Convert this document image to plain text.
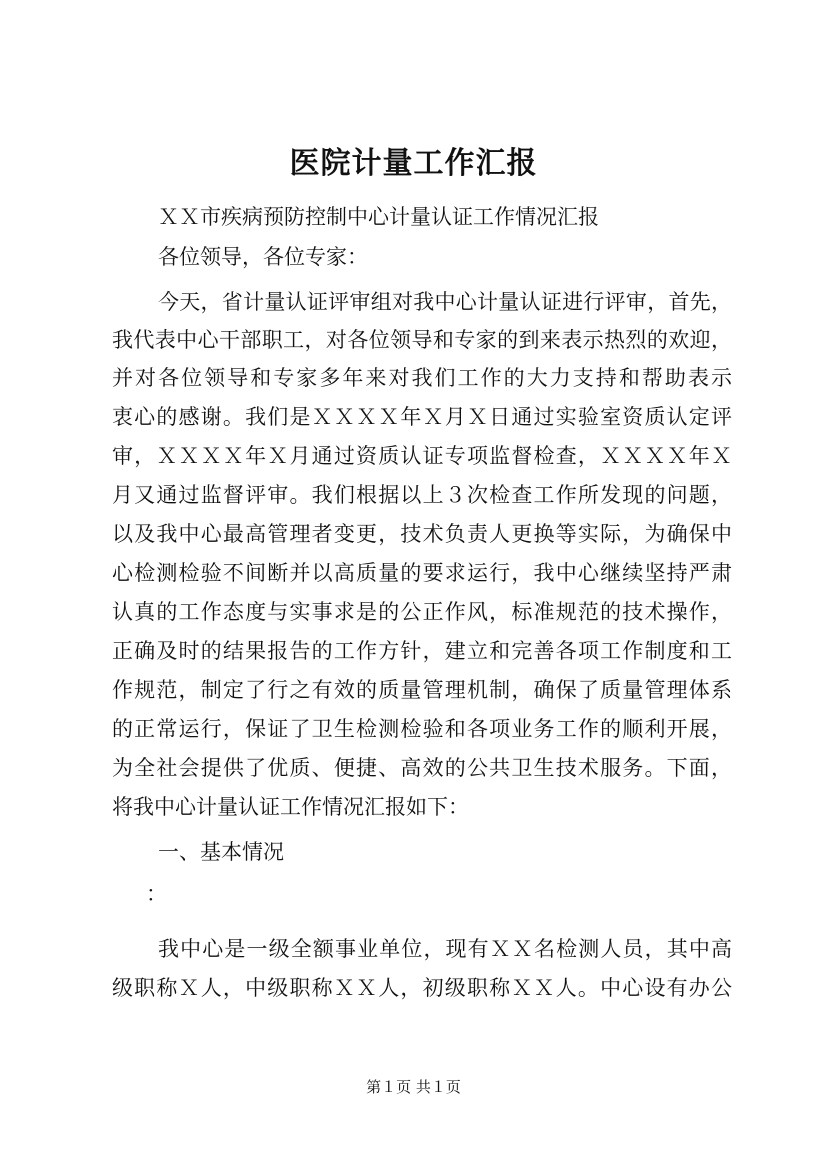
医院计量工作汇报
ＸＸ市疾病预防控制中心计量认证工作情况汇报
各位领导，各位专家：
今天，省计量认证评审组对我中心计量认证进行评审，首先，
我代表中心干部职工，对各位领导和专家的到来表示热烈的欢迎，
并对各位领导和专家多年来对我们工作的大力支持和帮助表示
衷心的感谢。我们是ＸＸＸＸ年Ｘ月Ｘ日通过实验室资质认定评
审，ＸＸＸＸ年Ｘ月通过资质认证专项监督检查，ＸＸＸＸ年Ｘ
月又通过监督评审。我们根据以上３次检查工作所发现的问题，
以及我中心最高管理者变更，技术负责人更换等实际，为确保中
心检测检验不间断并以高质量的要求运行，我中心继续坚持严肃
认真的工作态度与实事求是的公正作风，标准规范的技术操作，
正确及时的结果报告的工作方针，建立和完善各项工作制度和工
作规范，制定了行之有效的质量管理机制，确保了质量管理体系
的正常运行，保证了卫生检测检验和各项业务工作的顺利开展，
为全社会提供了优质、便捷、高效的公共卫生技术服务。下面，
将我中心计量认证工作情况汇报如下：
一、基本情况
：
我中心是一级全额事业单位，现有ＸＸ名检测人员，其中高
级职称Ｘ人，中级职称ＸＸ人，初级职称ＸＸ人。中心设有办公
第１页 共１页
